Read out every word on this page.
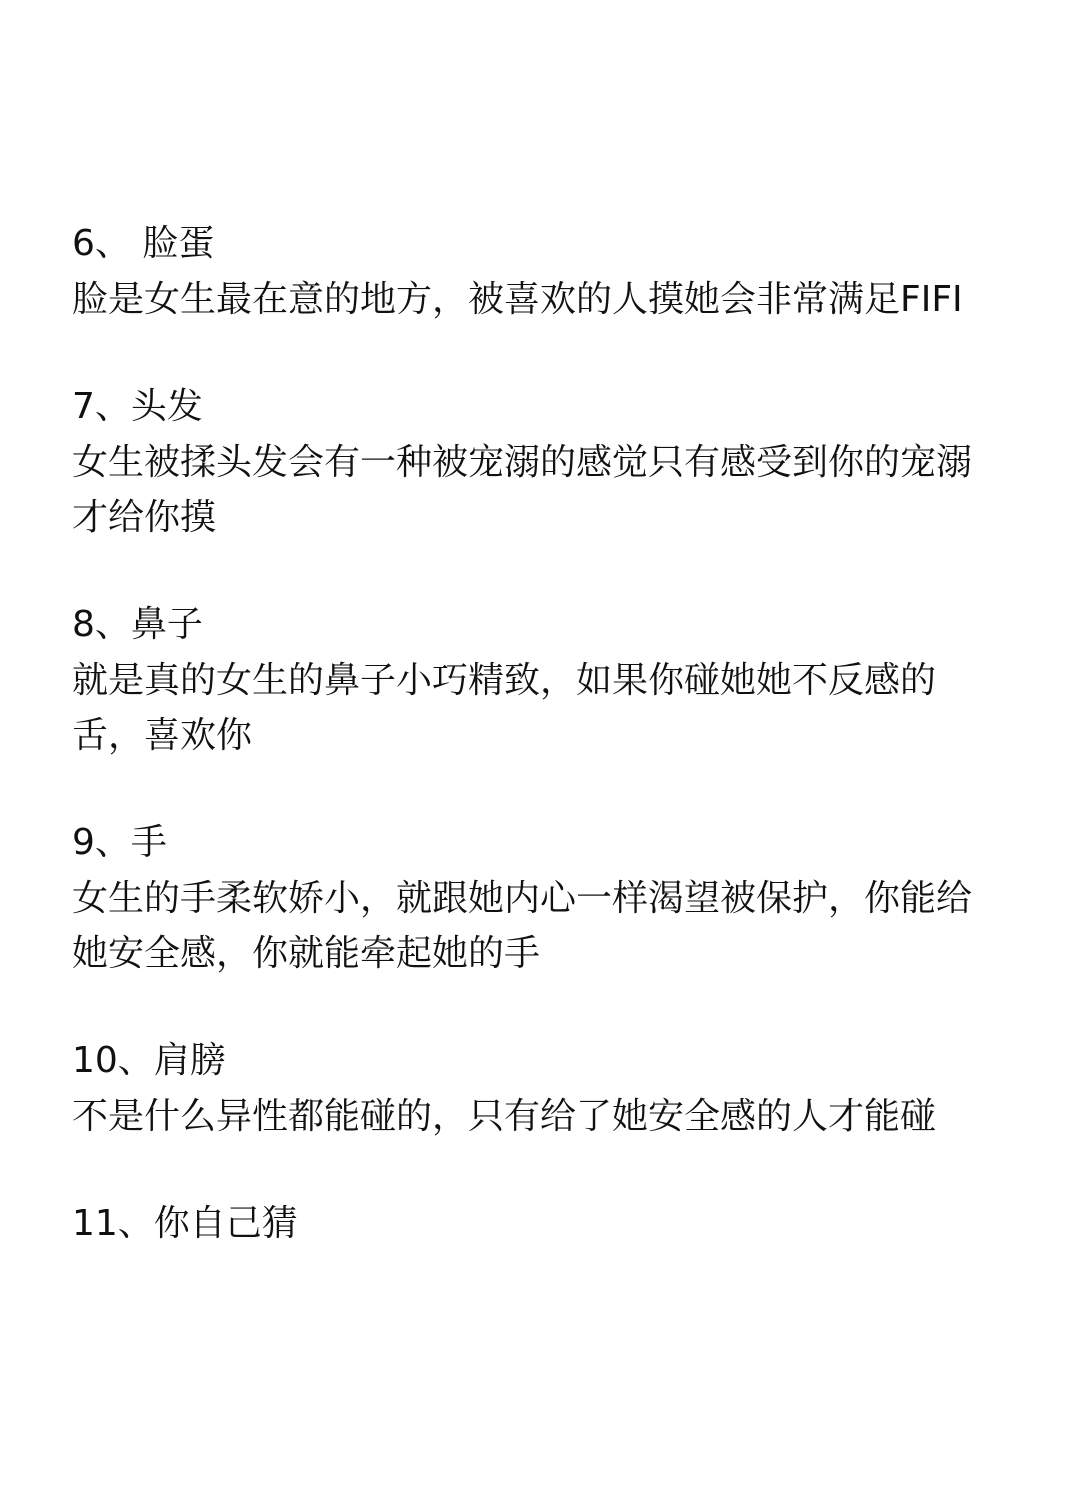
6、 脸蛋

脸是女生最在意的地方，被喜欢的人摸她会非常满足FIFI

7、头发

女生被揉头发会有一种被宠溺的感觉只有感受到你的宠溺
才给你摸

8、鼻子

就是真的女生的鼻子小巧精致，如果你碰她她不反感的
舌，喜欢你

9、手

女生的手柔软娇小，就跟她内心一样渴望被保护，你能给
她安全感，你就能牵起她的手

10、肩膀

不是什么异性都能碰的，只有给了她安全感的人才能碰

11、你自己猜
